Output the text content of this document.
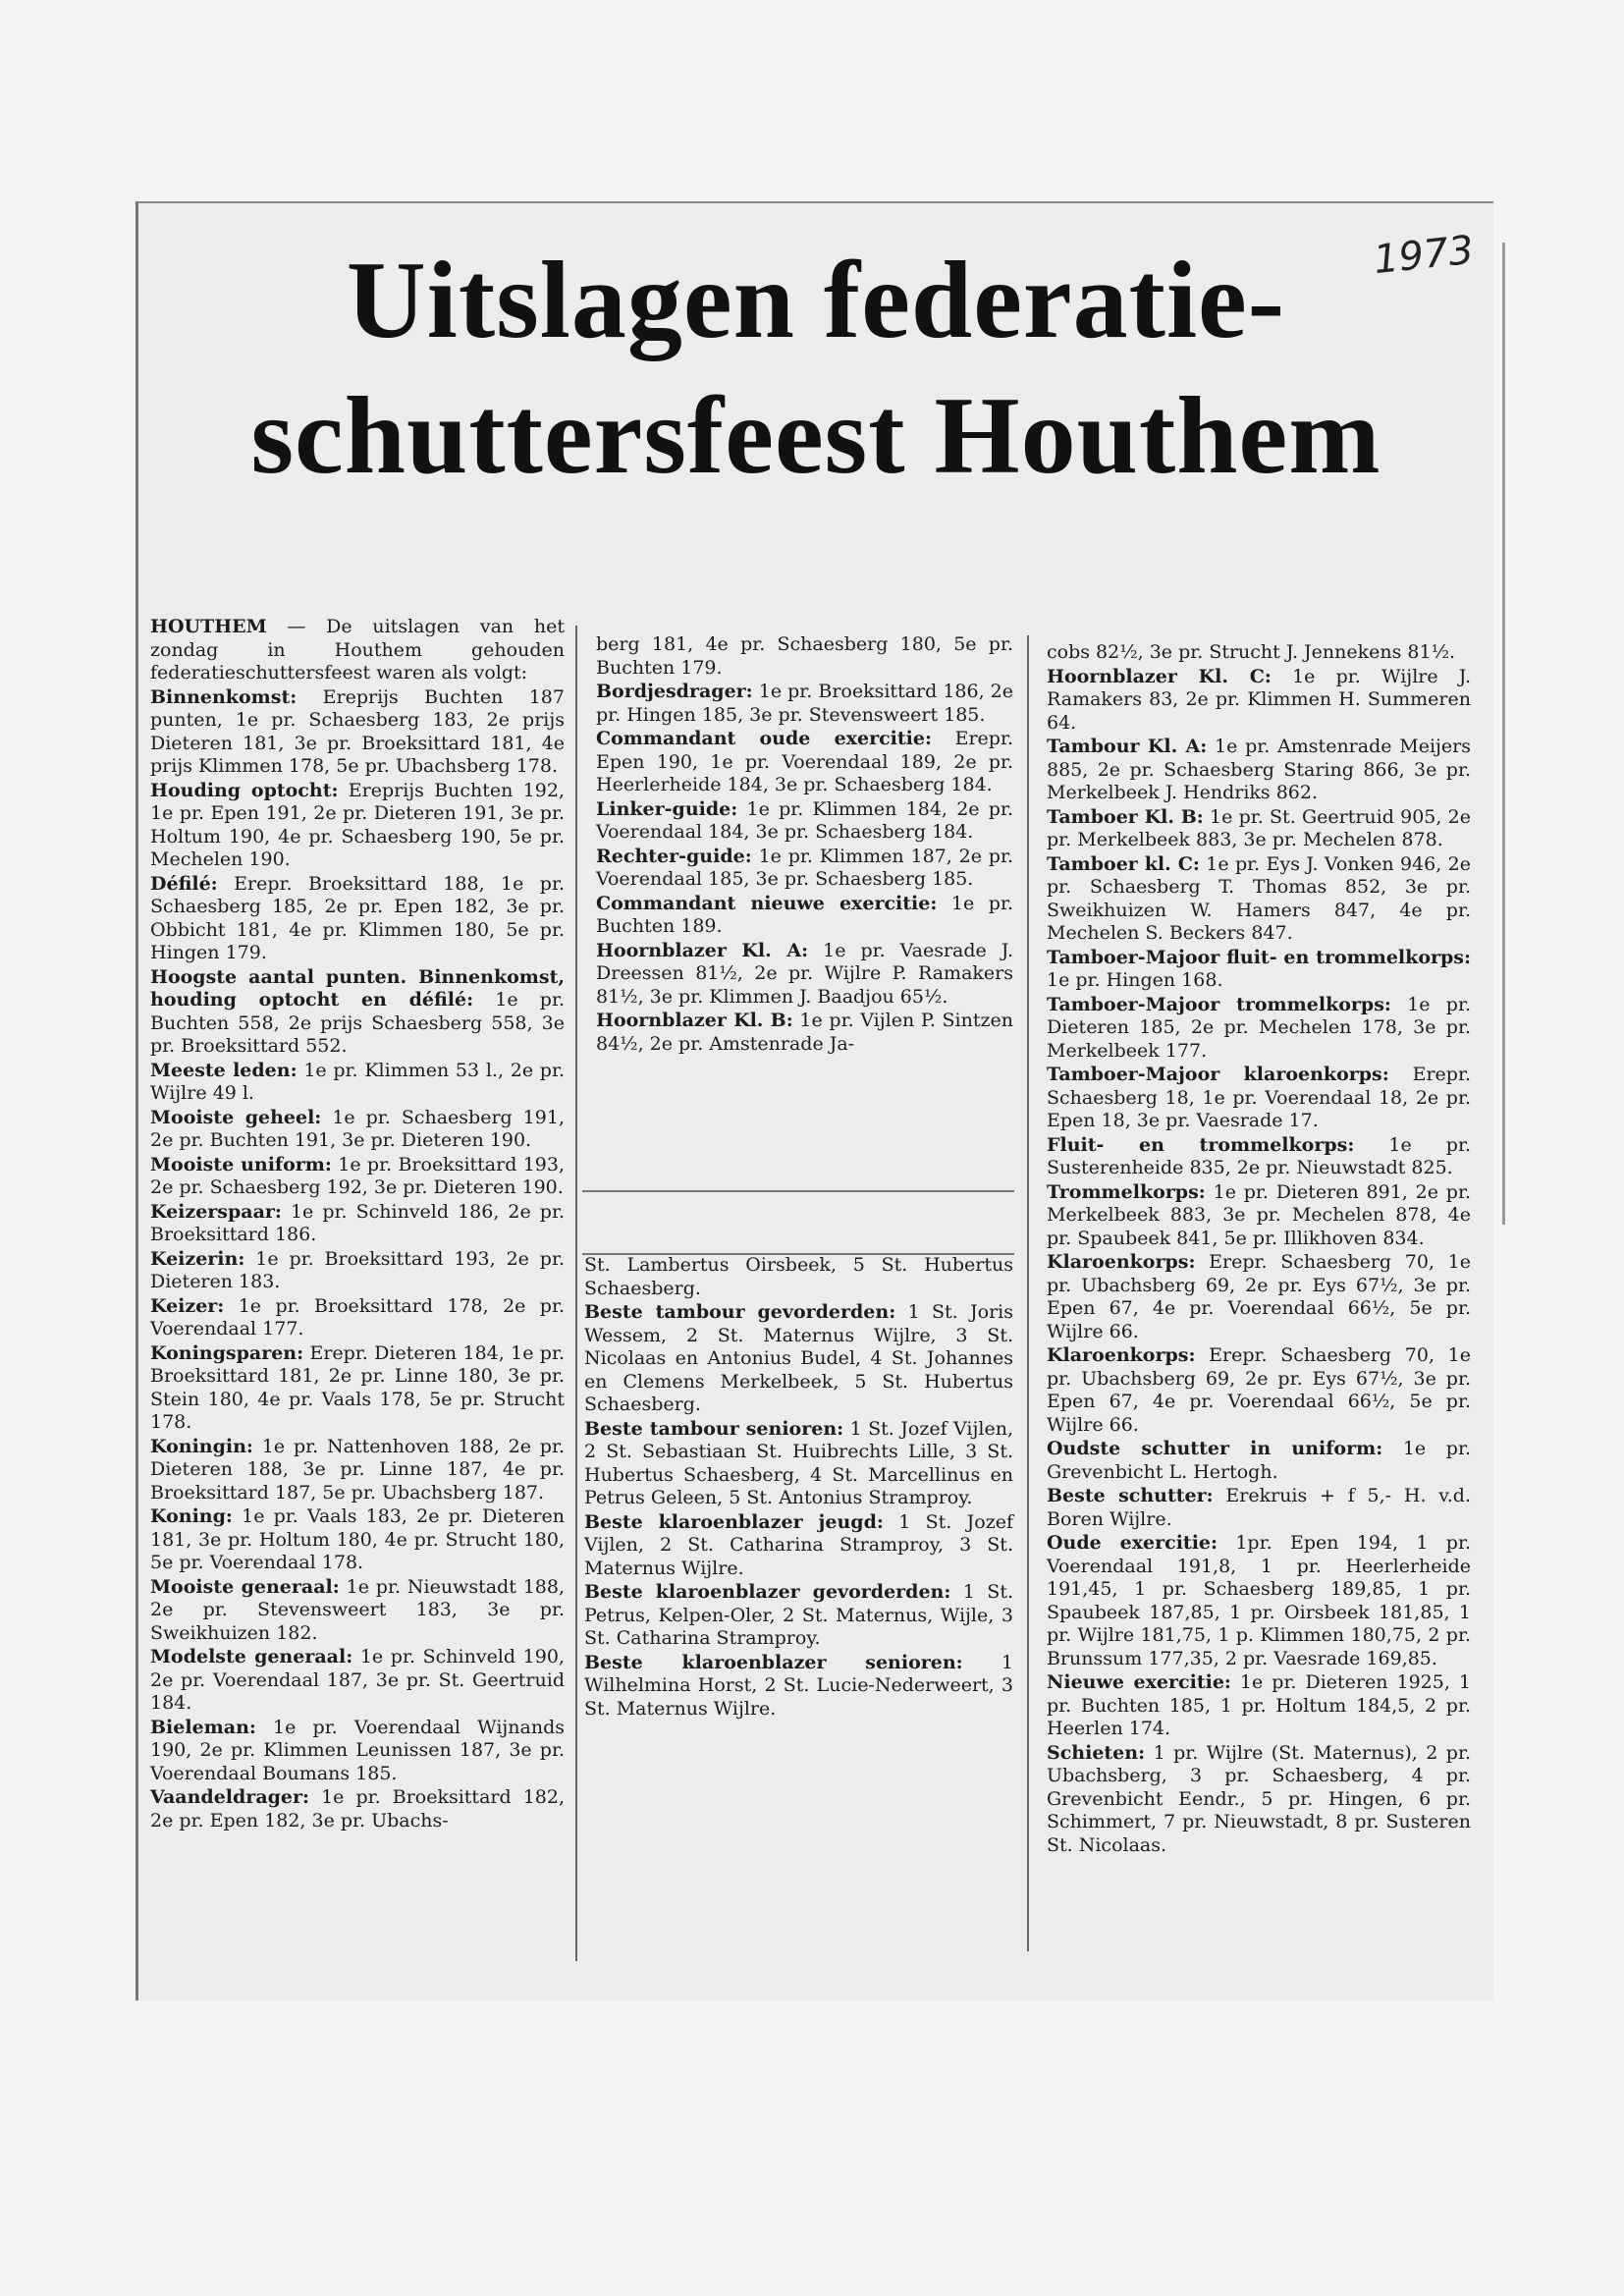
Uitslagen federatie-
schuttersfeest Houthem
1973

HOUTHEM — De uitslagen van het zondag in Houthem gehouden federatieschuttersfeest waren als volgt:

Binnenkomst: Ereprijs Buchten 187 punten, 1e pr. Schaesberg 183, 2e prijs Dieteren 181, 3e pr. Broeksittard 181, 4e prijs Klimmen 178, 5e pr. Ubachsberg 178.

Houding optocht: Ereprijs Buchten 192, 1e pr. Epen 191, 2e pr. Dieteren 191, 3e pr. Holtum 190, 4e pr. Schaesberg 190, 5e pr. Mechelen 190.

Défilé: Erepr. Broeksittard 188, 1e pr. Schaesberg 185, 2e pr. Epen 182, 3e pr. Obbicht 181, 4e pr. Klimmen 180, 5e pr. Hingen 179.

Hoogste aantal punten. Binnenkomst, houding optocht en défilé: 1e pr. Buchten 558, 2e prijs Schaesberg 558, 3e pr. Broeksittard 552.

Meeste leden: 1e pr. Klimmen 53 l., 2e pr. Wijlre 49 l.

Mooiste geheel: 1e pr. Schaesberg 191, 2e pr. Buchten 191, 3e pr. Dieteren 190.

Mooiste uniform: 1e pr. Broeksittard 193, 2e pr. Schaesberg 192, 3e pr. Dieteren 190.

Keizerspaar: 1e pr. Schinveld 186, 2e pr. Broeksittard 186.

Keizerin: 1e pr. Broeksittard 193, 2e pr. Dieteren 183.

Keizer: 1e pr. Broeksittard 178, 2e pr. Voerendaal 177.

Koningsparen: Erepr. Dieteren 184, 1e pr. Broeksittard 181, 2e pr. Linne 180, 3e pr. Stein 180, 4e pr. Vaals 178, 5e pr. Strucht 178.

Koningin: 1e pr. Nattenhoven 188, 2e pr. Dieteren 188, 3e pr. Linne 187, 4e pr. Broeksittard 187, 5e pr. Ubachsberg 187.

Koning: 1e pr. Vaals 183, 2e pr. Dieteren 181, 3e pr. Holtum 180, 4e pr. Strucht 180, 5e pr. Voerendaal 178.

Mooiste generaal: 1e pr. Nieuwstadt 188, 2e pr. Stevensweert 183, 3e pr. Sweikhuizen 182.

Modelste generaal: 1e pr. Schinveld 190, 2e pr. Voerendaal 187, 3e pr. St. Geertruid 184.

Bieleman: 1e pr. Voerendaal Wijnands 190, 2e pr. Klimmen Leunissen 187, 3e pr. Voerendaal Boumans 185.

Vaandeldrager: 1e pr. Broeksittard 182, 2e pr. Epen 182, 3e pr. Ubachs-

berg 181, 4e pr. Schaesberg 180, 5e pr. Buchten 179.

Bordjesdrager: 1e pr. Broeksittard 186, 2e pr. Hingen 185, 3e pr. Stevensweert 185.

Commandant oude exercitie: Erepr. Epen 190, 1e pr. Voerendaal 189, 2e pr. Heerlerheide 184, 3e pr. Schaesberg 184.

Linker-guide: 1e pr. Klimmen 184, 2e pr. Voerendaal 184, 3e pr. Schaesberg 184.

Rechter-guide: 1e pr. Klimmen 187, 2e pr. Voerendaal 185, 3e pr. Schaesberg 185.

Commandant nieuwe exercitie: 1e pr. Buchten 189.

Hoornblazer Kl. A: 1e pr. Vaesrade J. Dreessen 81½, 2e pr. Wijlre P. Ramakers 81½, 3e pr. Klimmen J. Baadjou 65½.

Hoornblazer Kl. B: 1e pr. Vijlen P. Sintzen 84½, 2e pr. Amstenrade Ja-

St. Lambertus Oirsbeek, 5 St. Hubertus Schaesberg.

Beste tambour gevorderden: 1 St. Joris Wessem, 2 St. Maternus Wijlre, 3 St. Nicolaas en Antonius Budel, 4 St. Johannes en Clemens Merkelbeek, 5 St. Hubertus Schaesberg.

Beste tambour senioren: 1 St. Jozef Vijlen, 2 St. Sebastiaan St. Huibrechts Lille, 3 St. Hubertus Schaesberg, 4 St. Marcellinus en Petrus Geleen, 5 St. Antonius Stramproy.

Beste klaroenblazer jeugd: 1 St. Jozef Vijlen, 2 St. Catharina Stramproy, 3 St. Maternus Wijlre.

Beste klaroenblazer gevorderden: 1 St. Petrus, Kelpen-Oler, 2 St. Maternus, Wijle, 3 St. Catharina Stramproy.

Beste klaroenblazer senioren: 1 Wilhelmina Horst, 2 St. Lucie-Nederweert, 3 St. Maternus Wijlre.

cobs 82½, 3e pr. Strucht J. Jennekens 81½.

Hoornblazer Kl. C: 1e pr. Wijlre J. Ramakers 83, 2e pr. Klimmen H. Summeren 64.

Tambour Kl. A: 1e pr. Amstenrade Meijers 885, 2e pr. Schaesberg Staring 866, 3e pr. Merkelbeek J. Hendriks 862.

Tamboer Kl. B: 1e pr. St. Geertruid 905, 2e pr. Merkelbeek 883, 3e pr. Mechelen 878.

Tamboer kl. C: 1e pr. Eys J. Vonken 946, 2e pr. Schaesberg T. Thomas 852, 3e pr. Sweikhuizen W. Hamers 847, 4e pr. Mechelen S. Beckers 847.

Tamboer-Majoor fluit- en trommelkorps: 1e pr. Hingen 168.

Tamboer-Majoor trommelkorps: 1e pr. Dieteren 185, 2e pr. Mechelen 178, 3e pr. Merkelbeek 177.

Tamboer-Majoor klaroenkorps: Erepr. Schaesberg 18, 1e pr. Voerendaal 18, 2e pr. Epen 18, 3e pr. Vaesrade 17.

Fluit- en trommelkorps: 1e pr. Susterenheide 835, 2e pr. Nieuwstadt 825.

Trommelkorps: 1e pr. Dieteren 891, 2e pr. Merkelbeek 883, 3e pr. Mechelen 878, 4e pr. Spaubeek 841, 5e pr. Illikhoven 834.

Klaroenkorps: Erepr. Schaesberg 70, 1e pr. Ubachsberg 69, 2e pr. Eys 67½, 3e pr. Epen 67, 4e pr. Voerendaal 66½, 5e pr. Wijlre 66.

Klaroenkorps: Erepr. Schaesberg 70, 1e pr. Ubachsberg 69, 2e pr. Eys 67½, 3e pr. Epen 67, 4e pr. Voerendaal 66½, 5e pr. Wijlre 66.

Oudste schutter in uniform: 1e pr. Grevenbicht L. Hertogh.

Beste schutter: Erekruis + f 5,- H. v.d. Boren Wijlre.

Oude exercitie: 1pr. Epen 194, 1 pr. Voerendaal 191,8, 1 pr. Heerlerheide 191,45, 1 pr. Schaesberg 189,85, 1 pr. Spaubeek 187,85, 1 pr. Oirsbeek 181,85, 1 pr. Wijlre 181,75, 1 p. Klimmen 180,75, 2 pr. Brunssum 177,35, 2 pr. Vaesrade 169,85.

Nieuwe exercitie: 1e pr. Dieteren 1925, 1 pr. Buchten 185, 1 pr. Holtum 184,5, 2 pr. Heerlen 174.

Schieten: 1 pr. Wijlre (St. Maternus), 2 pr. Ubachsberg, 3 pr. Schaesberg, 4 pr. Grevenbicht Eendr., 5 pr. Hingen, 6 pr. Schimmert, 7 pr. Nieuwstadt, 8 pr. Susteren St. Nicolaas.
